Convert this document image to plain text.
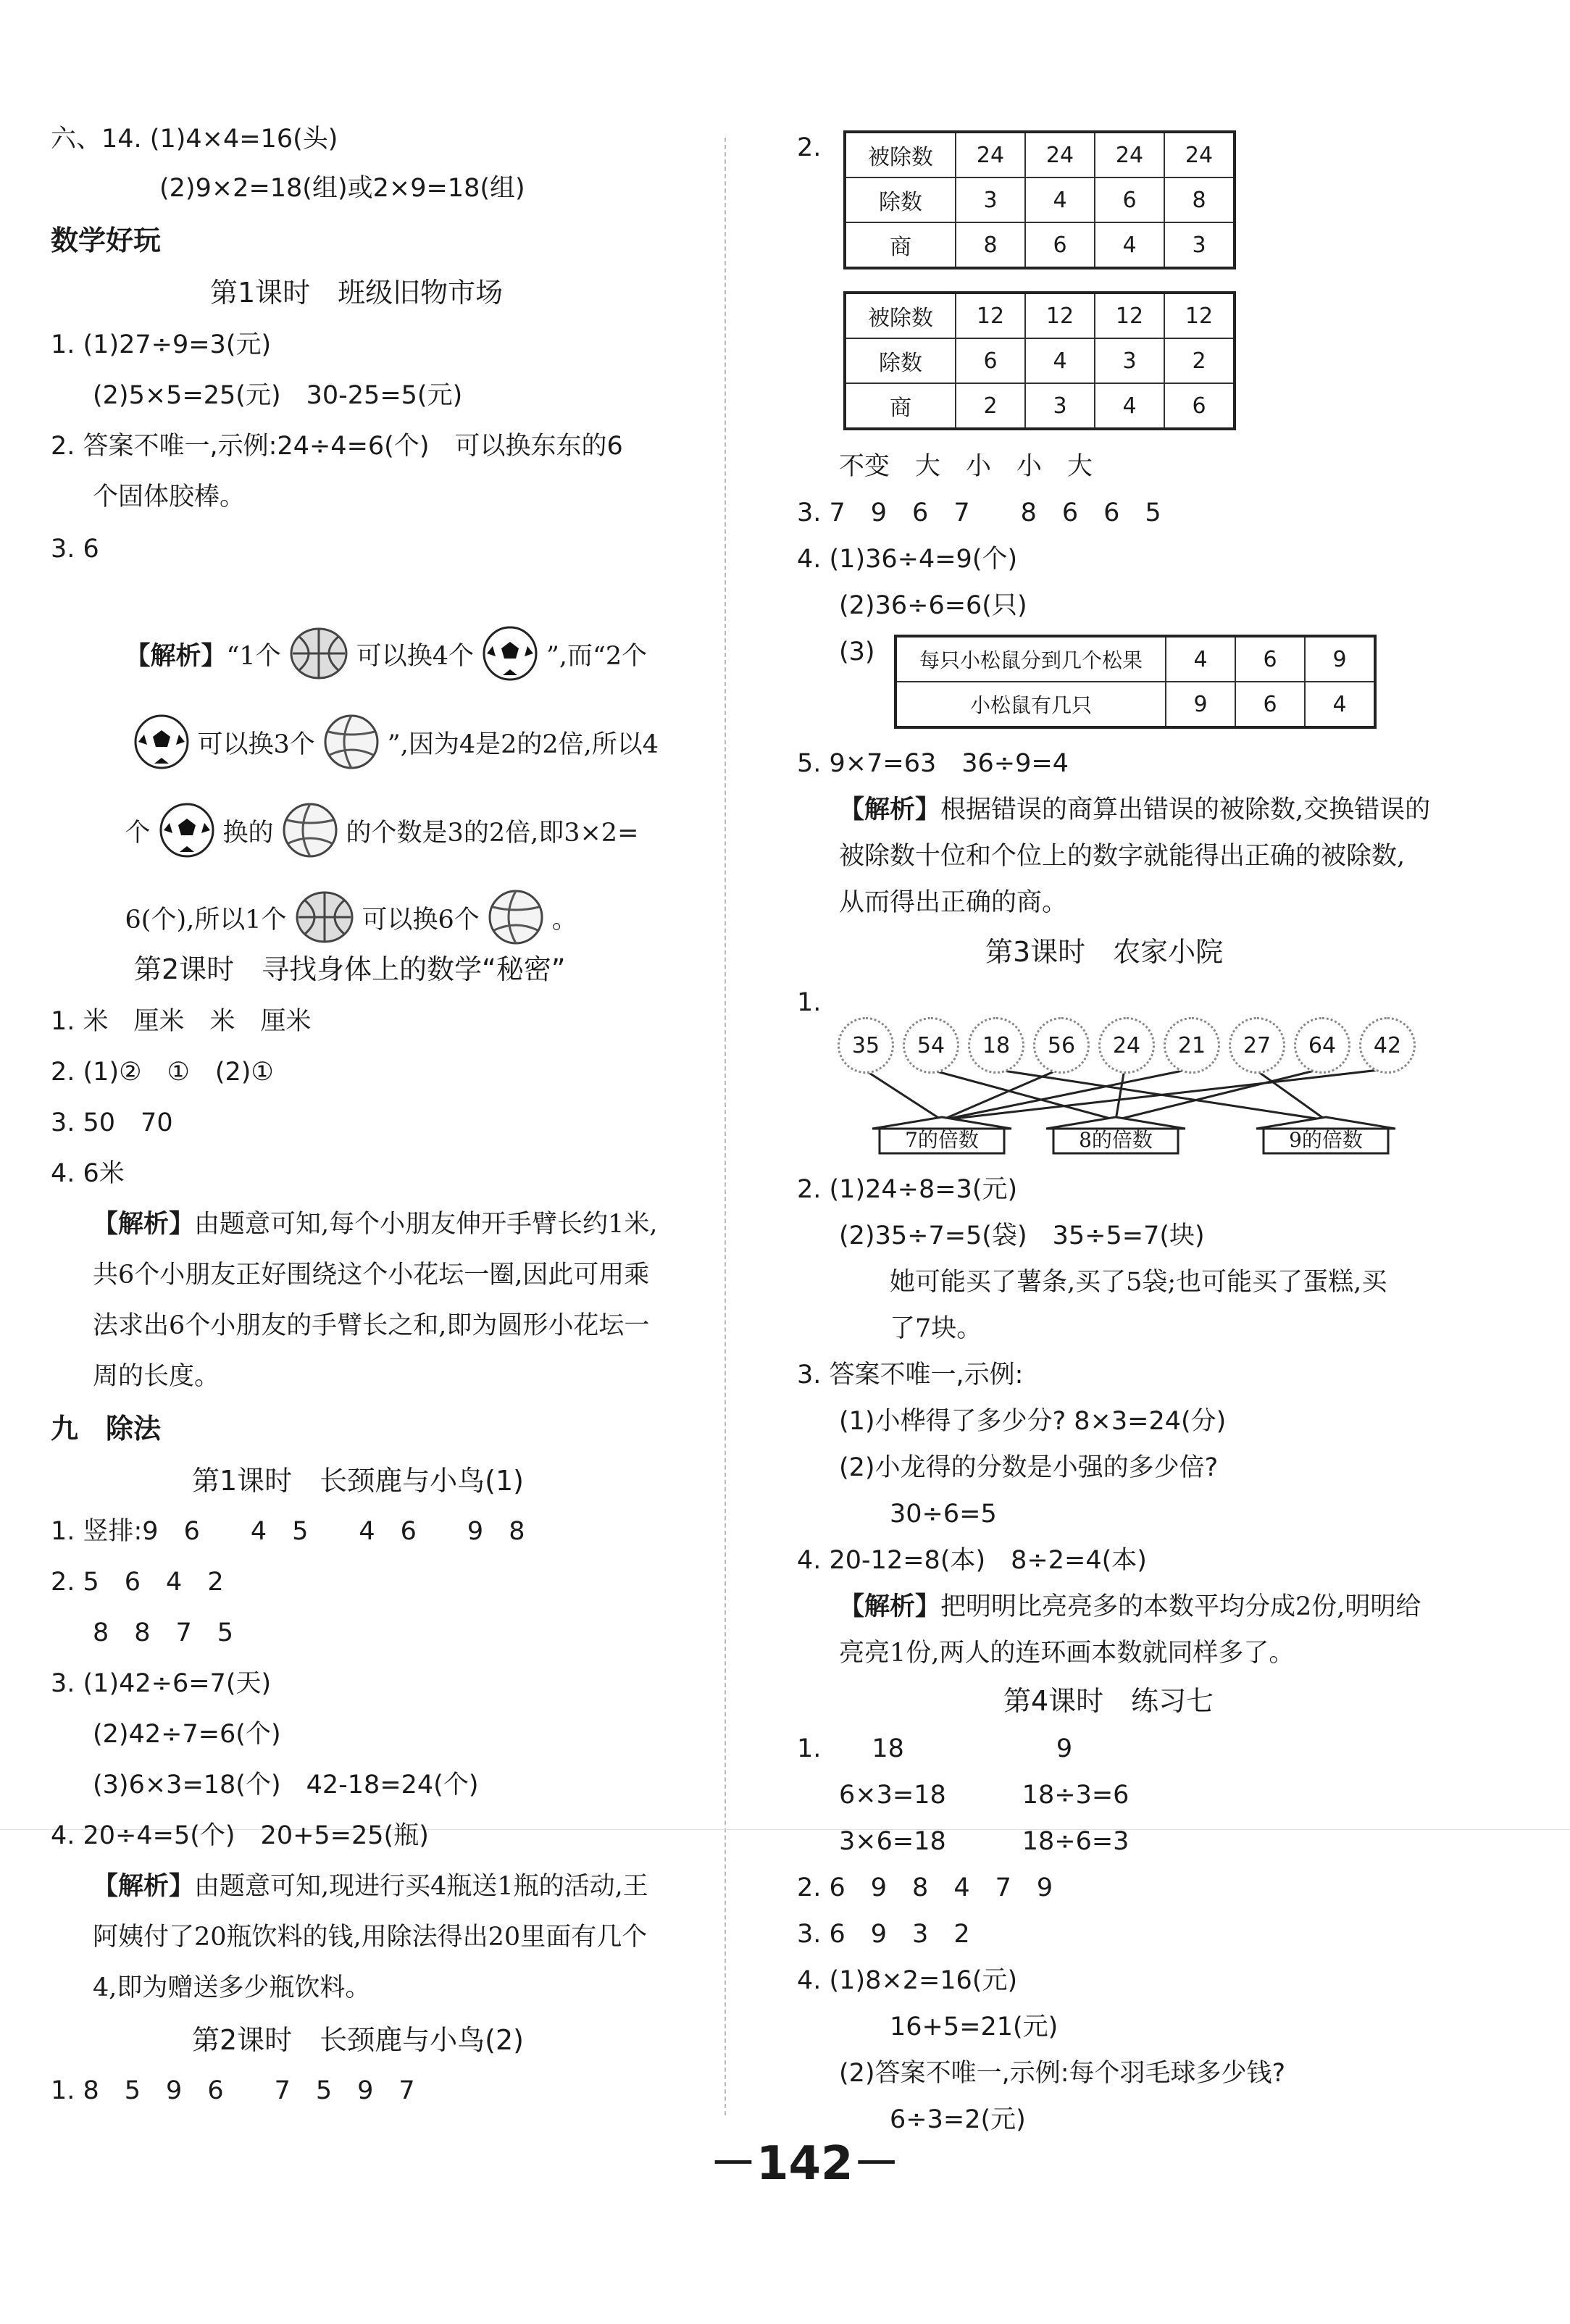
六、14. (1)4×4=16(头)
(2)9×2=18(组)或2×9=18(组)
数学好玩
第1课时　班级旧物市场
1. (1)27÷9=3(元)
(2)5×5=25(元)　30-25=5(元)
2. 答案不唯一,示例:24÷4=6(个)　可以换东东的6
个固体胶棒。
3. 6

【解析】“1个	可以换4个	”,而“2个

可以换3个	”,因为4是2的2倍,所以4

个	换的	的个数是3的2倍,即3×2=

6(个),所以1个	可以换6个	。

第2课时　寻找身体上的数学“秘密”
1. 米　厘米　米　厘米
2. (1)②　①　(2)①
3. 50　70
4. 6米
【解析】由题意可知,每个小朋友伸开手臂长约1米,
共6个小朋友正好围绕这个小花坛一圈,因此可用乘
法求出6个小朋友的手臂长之和,即为圆形小花坛一
周的长度。
九　除法
第1课时　长颈鹿与小鸟(1)
1. 竖排:9　6　　4　5　　4　6　　9　8
2. 5　6　4　2
8　8　7　5
3. (1)42÷6=7(天)
(2)42÷7=6(个)
(3)6×3=18(个)　42-18=24(个)
4. 20÷4=5(个)　20+5=25(瓶)
【解析】由题意可知,现进行买4瓶送1瓶的活动,王
阿姨付了20瓶饮料的钱,用除法得出20里面有几个
4,即为赠送多少瓶饮料。
第2课时　长颈鹿与小鸟(2)
1. 8　5　9　6　　7　5　9　7
2. 被除数	24	24	24	24
除数	3	4	6	8
商	8	6	4	3
被除数	12	12	12	12
除数	6	4	3	2
商	2	3	4	6
不变　大　小　小　大
3. 7　9　6　7　　8　6　6　5
4. (1)36÷4=9(个)
(2)36÷6=6(只)
(3) 每只小松鼠分到几个松果	4	6	9
小松鼠有几只	9	6	4
5. 9×7=63　36÷9=4
【解析】根据错误的商算出错误的被除数,交换错误的
被除数十位和个位上的数字就能得出正确的被除数,
从而得出正确的商。
第3课时　农家小院
1.
35	54	18	56	24	21	27	64	42
7的倍数	8的倍数	9的倍数
2. (1)24÷8=3(元)
(2)35÷7=5(袋)　35÷5=7(块)
她可能买了薯条,买了5袋;也可能买了蛋糕,买
了7块。
3. 答案不唯一,示例:
(1)小桦得了多少分? 8×3=24(分)
(2)小龙得的分数是小强的多少倍?
30÷6=5
4. 20-12=8(本)　8÷2=4(本)
【解析】把明明比亮亮多的本数平均分成2份,明明给
亮亮1份,两人的连环画本数就同样多了。
第4课时　练习七
1.　　18　　　　　　9
6×3=18　　　18÷3=6
3×6=18　　　18÷6=3
2. 6　9　8　4　7　9
3. 6　9　3　2
4. (1)8×2=16(元)
16+5=21(元)
(2)答案不唯一,示例:每个羽毛球多少钱?
6÷3=2(元)
－142－
